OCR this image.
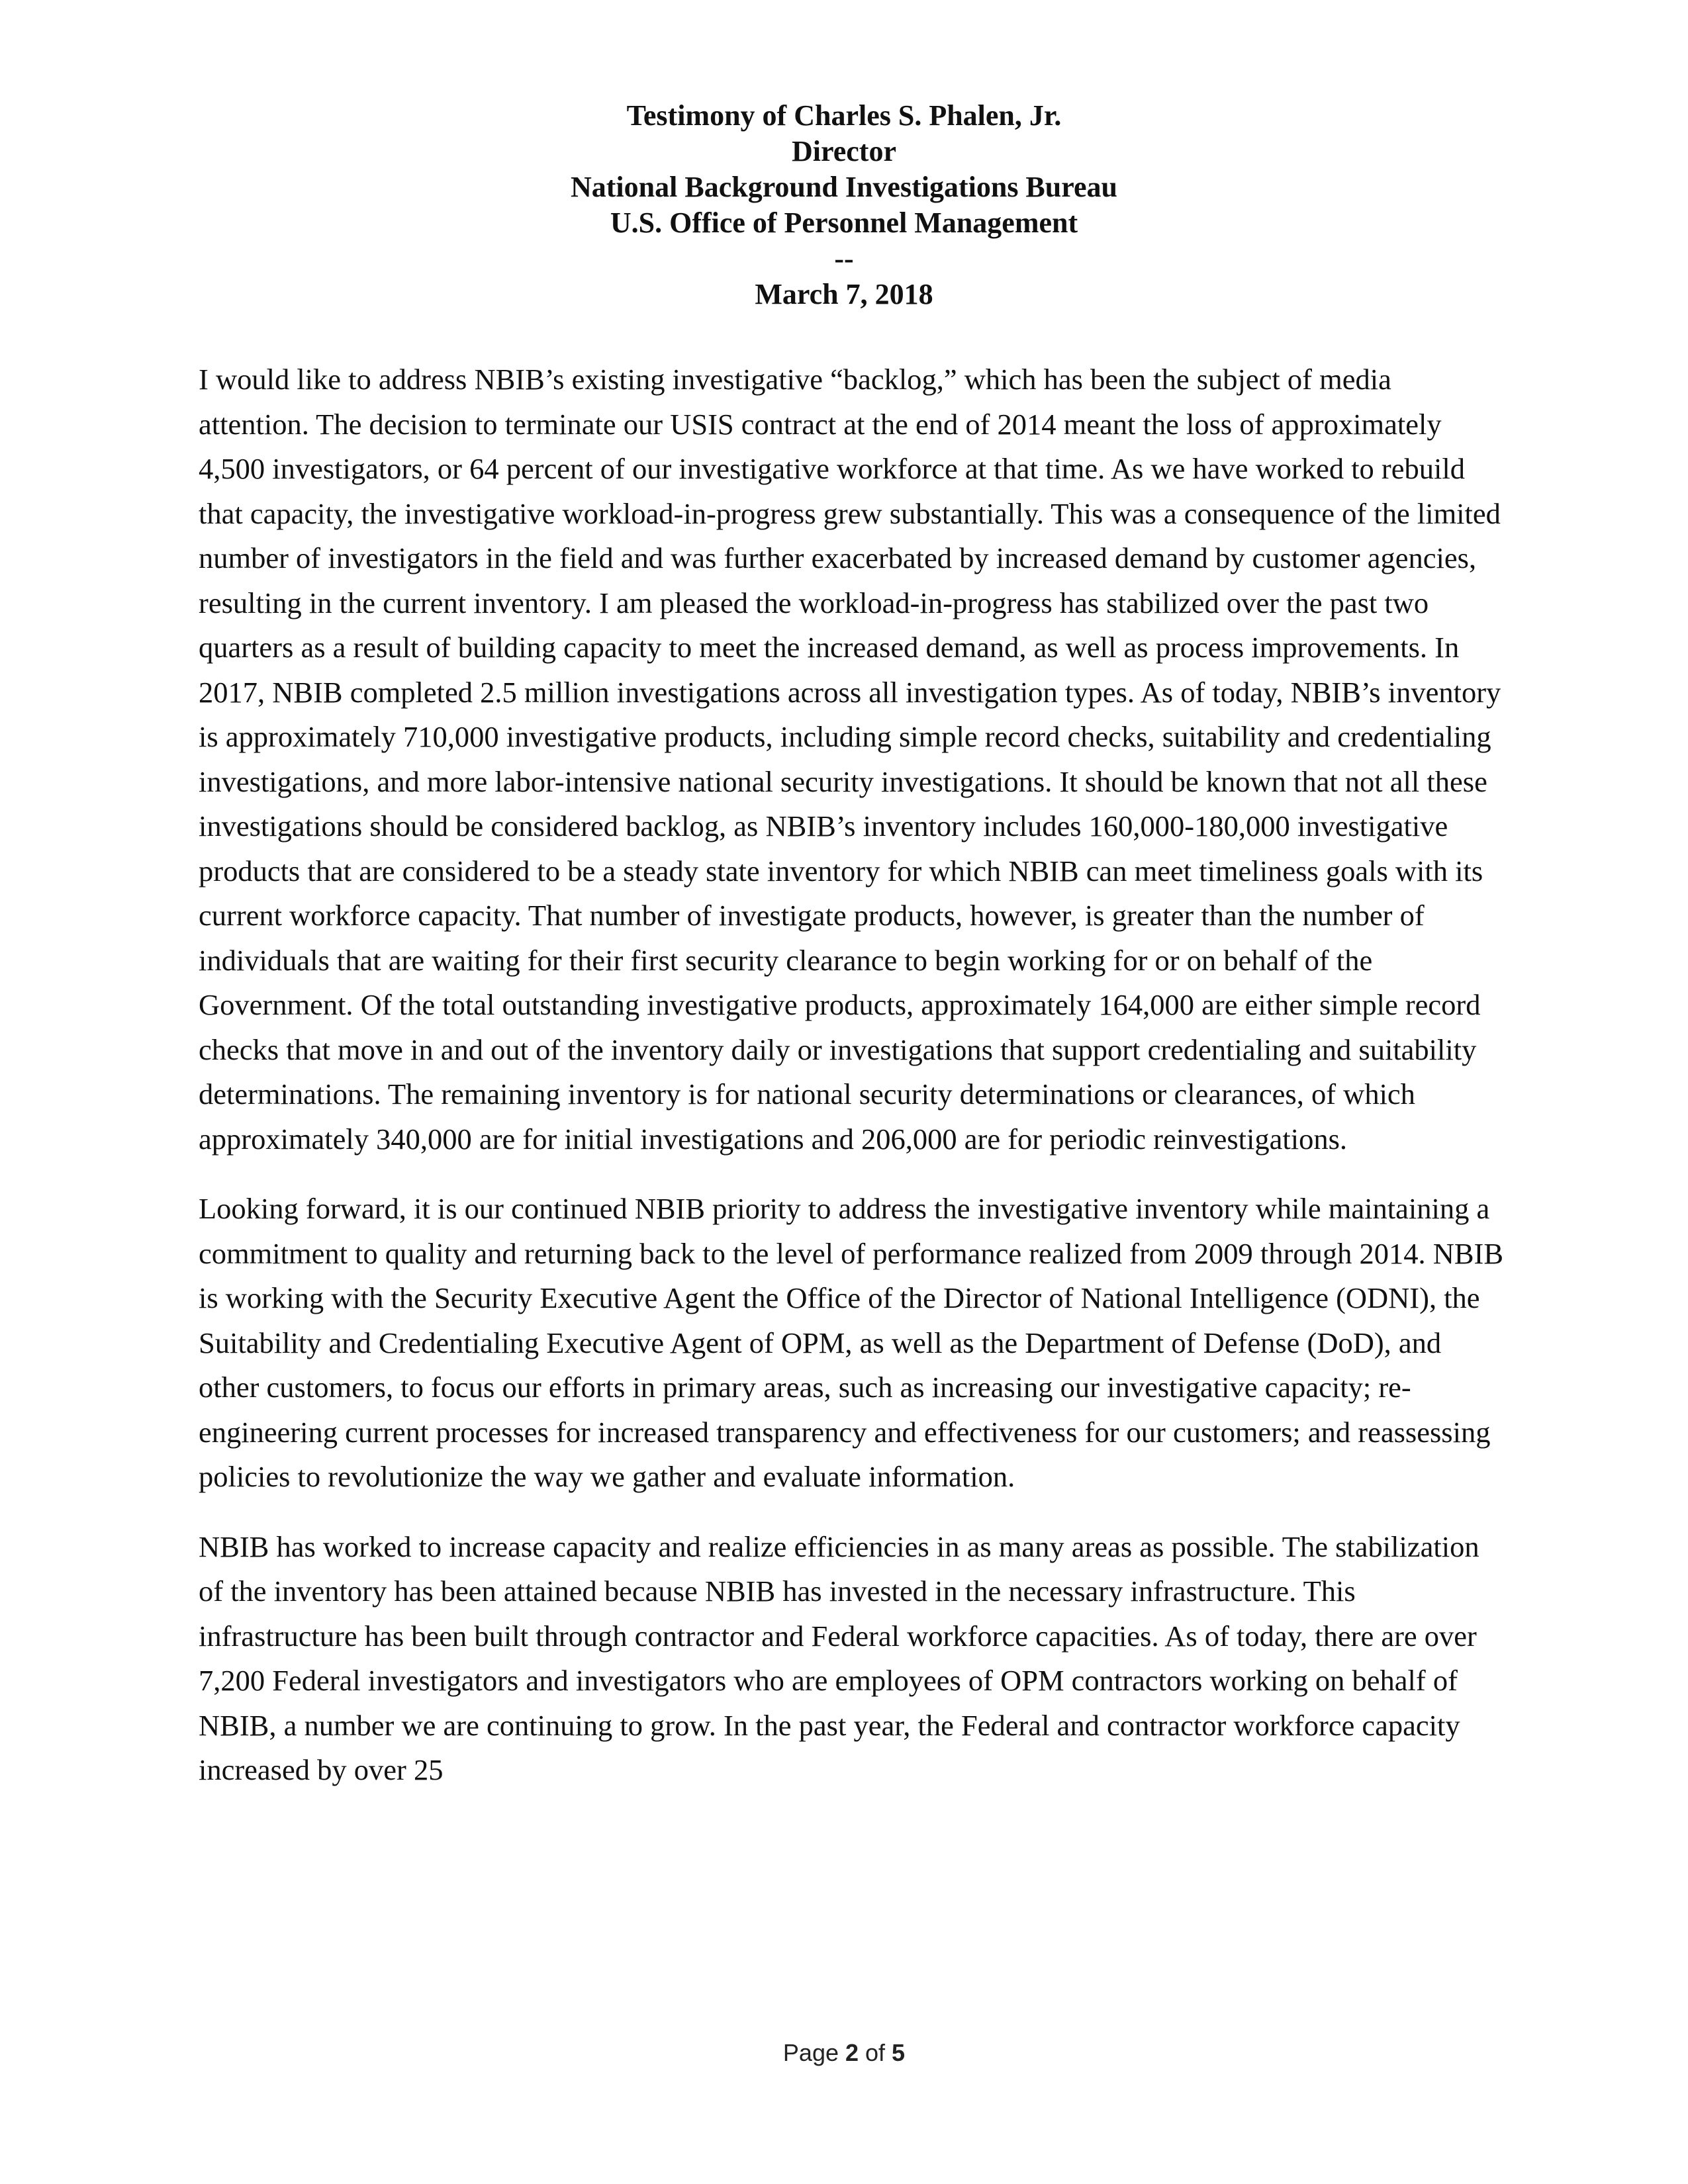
Testimony of Charles S. Phalen, Jr.
Director
National Background Investigations Bureau
U.S. Office of Personnel Management
--
March 7, 2018

I would like to address NBIB’s existing investigative “backlog,” which has been the subject of media attention. The decision to terminate our USIS contract at the end of 2014 meant the loss of approximately 4,500 investigators, or 64 percent of our investigative workforce at that time. As we have worked to rebuild that capacity, the investigative workload-in-progress grew substantially. This was a consequence of the limited number of investigators in the field and was further exacerbated by increased demand by customer agencies, resulting in the current inventory. I am pleased the workload-in-progress has stabilized over the past two quarters as a result of building capacity to meet the increased demand, as well as process improvements. In 2017, NBIB completed 2.5 million investigations across all investigation types. As of today, NBIB’s inventory is approximately 710,000 investigative products, including simple record checks, suitability and credentialing investigations, and more labor-intensive national security investigations. It should be known that not all these investigations should be considered backlog, as NBIB’s inventory includes 160,000-180,000 investigative products that are considered to be a steady state inventory for which NBIB can meet timeliness goals with its current workforce capacity. That number of investigate products, however, is greater than the number of individuals that are waiting for their first security clearance to begin working for or on behalf of the Government. Of the total outstanding investigative products, approximately 164,000 are either simple record checks that move in and out of the inventory daily or investigations that support credentialing and suitability determinations. The remaining inventory is for national security determinations or clearances, of which approximately 340,000 are for initial investigations and 206,000 are for periodic reinvestigations.

Looking forward, it is our continued NBIB priority to address the investigative inventory while maintaining a commitment to quality and returning back to the level of performance realized from 2009 through 2014. NBIB is working with the Security Executive Agent the Office of the Director of National Intelligence (ODNI), the Suitability and Credentialing Executive Agent of OPM, as well as the Department of Defense (DoD), and other customers, to focus our efforts in primary areas, such as increasing our investigative capacity; re-engineering current processes for increased transparency and effectiveness for our customers; and reassessing policies to revolutionize the way we gather and evaluate information.

NBIB has worked to increase capacity and realize efficiencies in as many areas as possible. The stabilization of the inventory has been attained because NBIB has invested in the necessary infrastructure. This infrastructure has been built through contractor and Federal workforce capacities. As of today, there are over 7,200 Federal investigators and investigators who are employees of OPM contractors working on behalf of NBIB, a number we are continuing to grow. In the past year, the Federal and contractor workforce capacity increased by over 25

Page 2 of 5
